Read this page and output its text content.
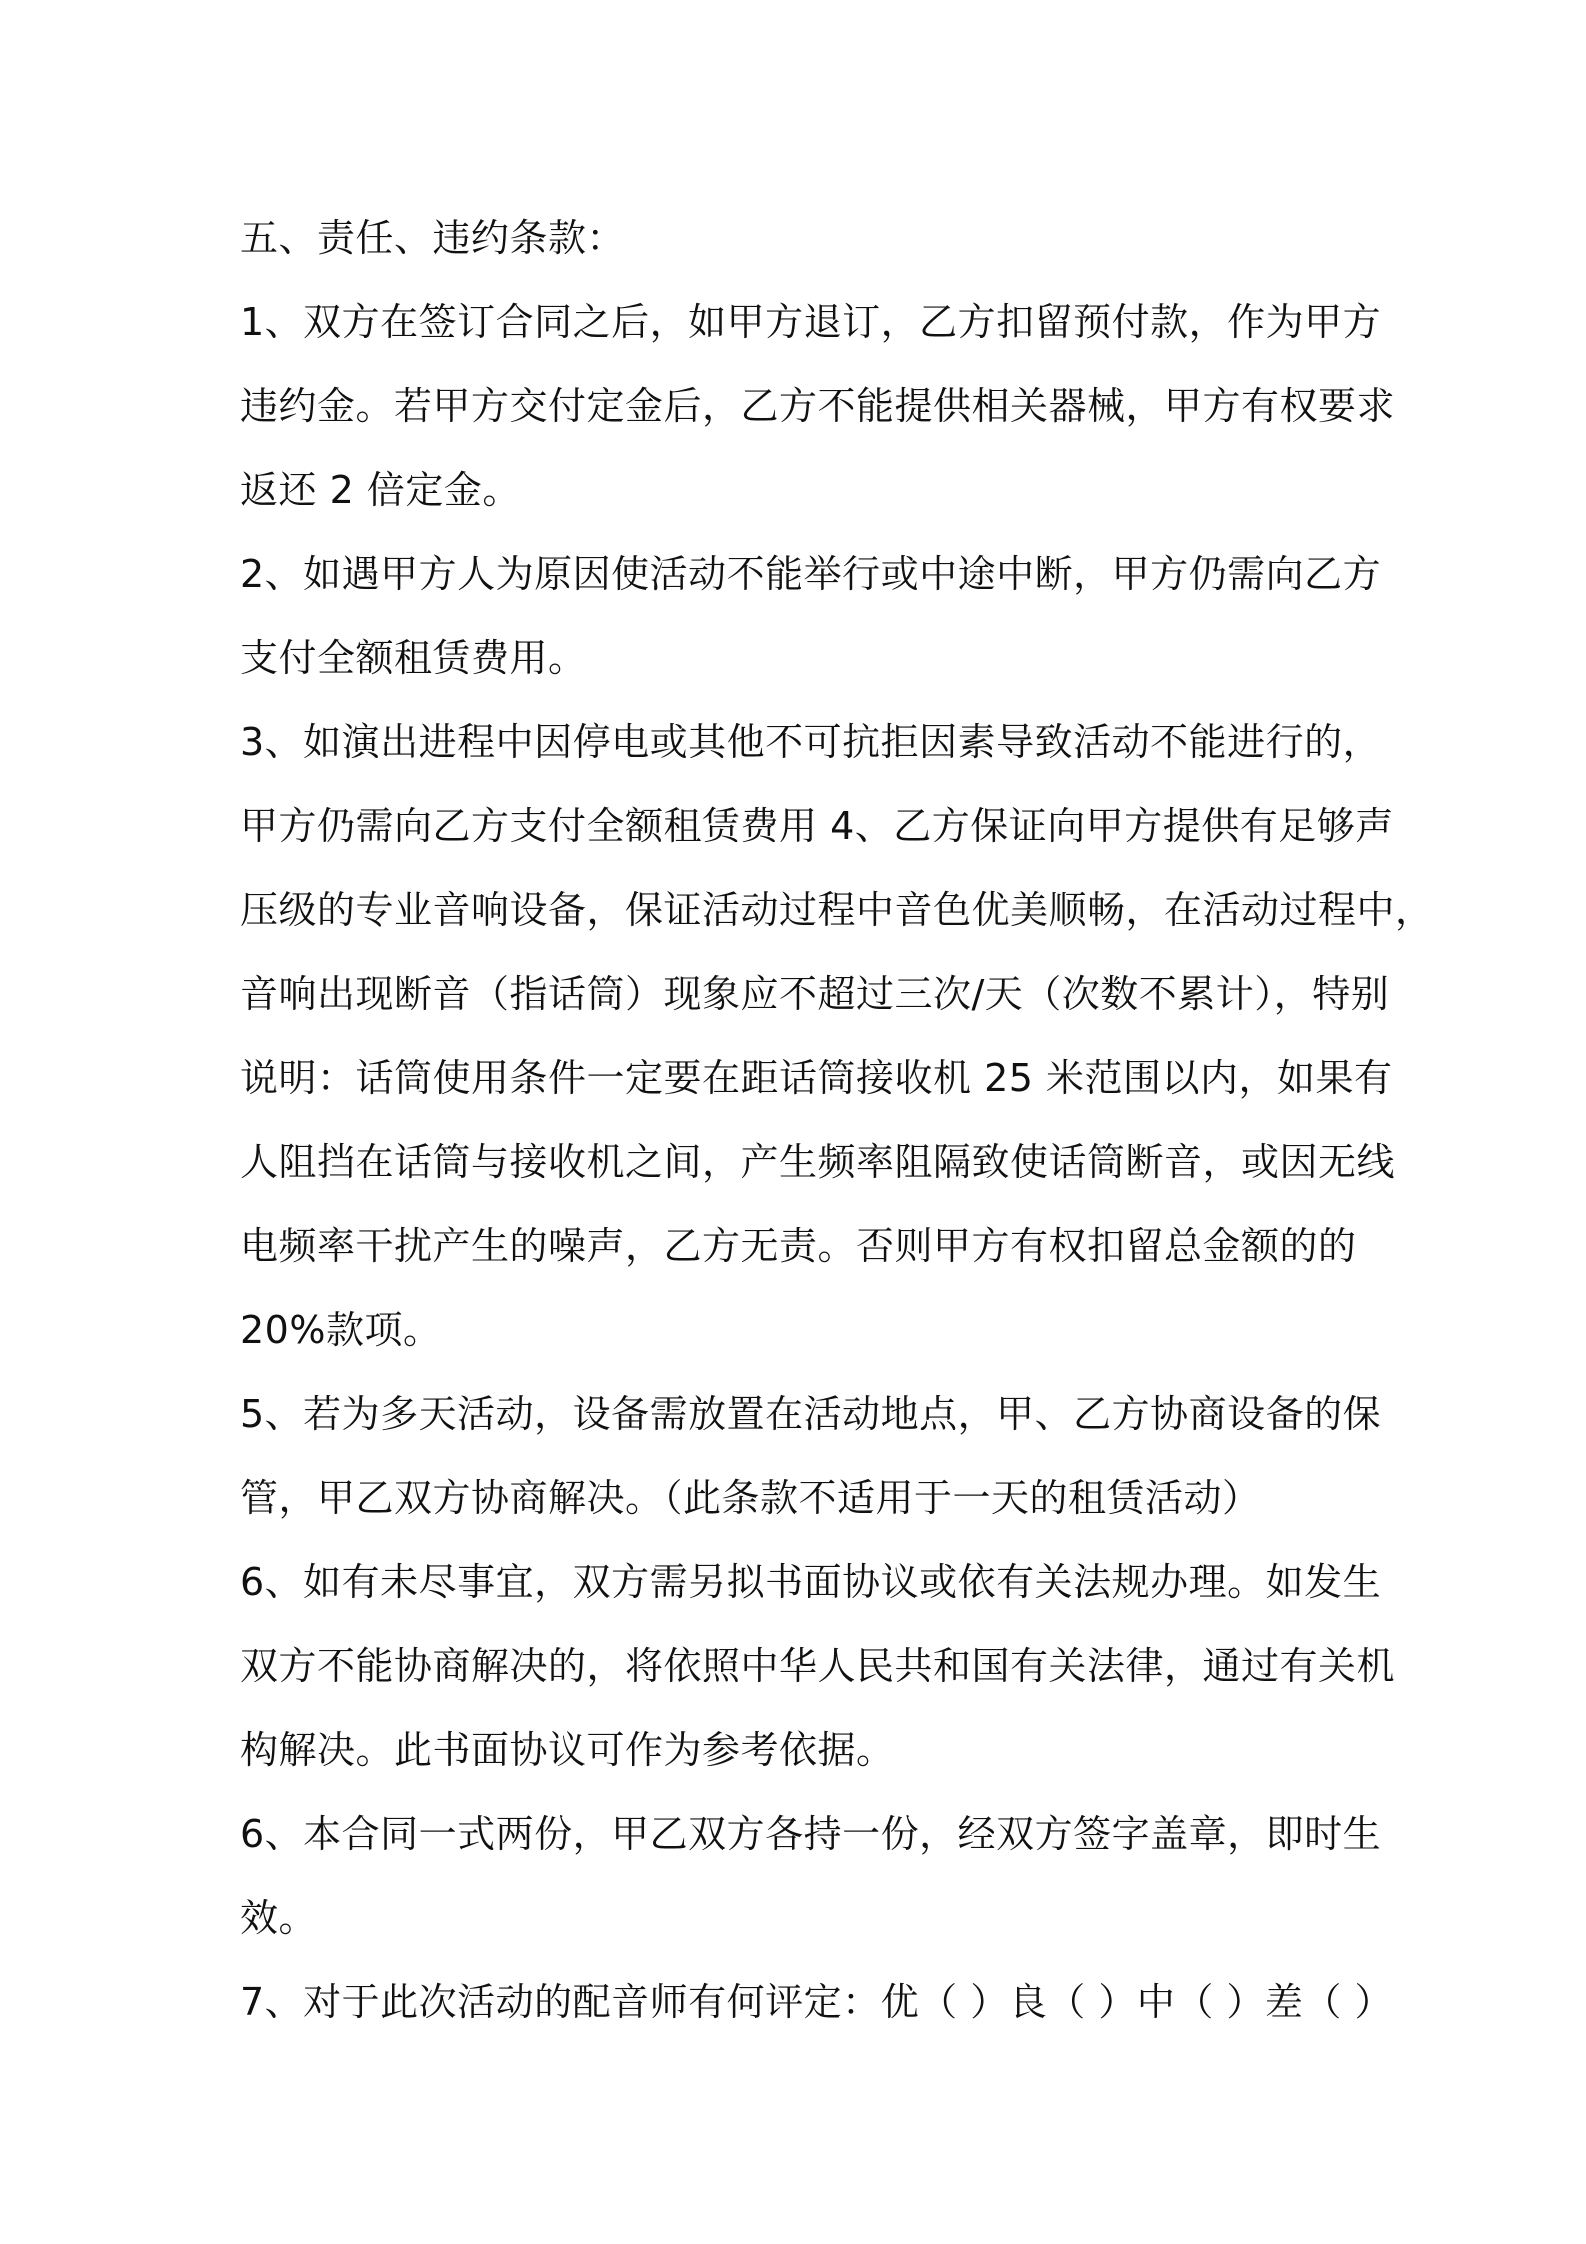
五、责任、违约条款：
1、双方在签订合同之后，如甲方退订，乙方扣留预付款，作为甲方
违约金。若甲方交付定金后，乙方不能提供相关器械，甲方有权要求
返还 2 倍定金。
2、如遇甲方人为原因使活动不能举行或中途中断，甲方仍需向乙方
支付全额租赁费用。
3、如演出进程中因停电或其他不可抗拒因素导致活动不能进行的，
甲方仍需向乙方支付全额租赁费用 4、乙方保证向甲方提供有足够声
压级的专业音响设备，保证活动过程中音色优美顺畅，在活动过程中，
音响出现断音（指话筒）现象应不超过三次/天（次数不累计），特别
说明：话筒使用条件一定要在距话筒接收机 25 米范围以内，如果有
人阻挡在话筒与接收机之间，产生频率阻隔致使话筒断音，或因无线
电频率干扰产生的噪声，乙方无责。否则甲方有权扣留总金额的的
20%款项。
5、若为多天活动，设备需放置在活动地点，甲、乙方协商设备的保
管，甲乙双方协商解决。（此条款不适用于一天的租赁活动）
6、如有未尽事宜，双方需另拟书面协议或依有关法规办理。如发生
双方不能协商解决的，将依照中华人民共和国有关法律，通过有关机
构解决。此书面协议可作为参考依据。
6、本合同一式两份，甲乙双方各持一份，经双方签字盖章，即时生
效。
7、对于此次活动的配音师有何评定：优（ ）良（ ）中（ ）差（ ）
